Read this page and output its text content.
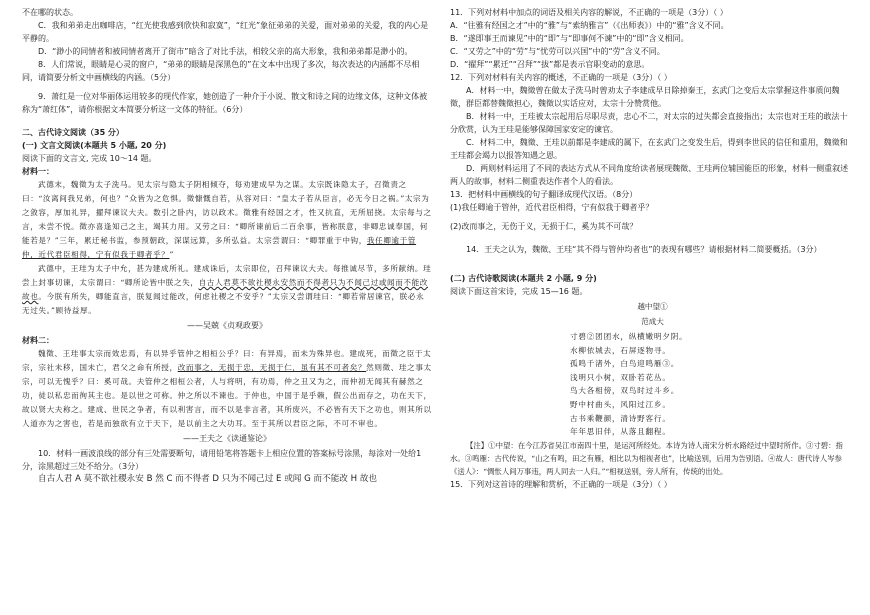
不在哪的状态。

C．我和弟弟走出咖啡店，“红光使我感到欣快和寂寞”，“红光”象征弟弟的关爱，面对弟弟的关爱，我的内心是平静的。

D．“渺小的同情者和被同情者离开了街市”暗含了对比手法，相较父亲的高大形象，我和弟弟都是渺小的。

8．人们常说，眼睛是心灵的窗户，“弟弟的眼睛是深黑色的”在文本中出现了多次，每次表达的内涵都不尽相同，请简要分析文中画横线的内涵。（5分）

9．萧红是一位对华丽体运用较多的现代作家，她创造了一种介于小说、散文和诗之间的边缘文体，这种文体被称为“萧红体”，请你根据文本简要分析这一文体的特征。（6分）

二、古代诗文阅读（35 分）

(一) 文言文阅读(本题共 5 小题, 20 分)

阅读下面的文言文, 完成 10～14 题。

材料一：

武德末，魏徵为太子洗马。见太宗与隐太子阴相倾夺，每劝建成早为之谋。太宗既诛隐太子，召徵责之曰：“汝离间我兄弟，何也？”众皆为之危惧。徵慷慨自若，从容对曰：“皇太子若从臣言，必无今日之祸。”太宗为之敛容，厚加礼异，擢拜谏议大夫。数引之卧内，访以政术。徵雅有经国之才，性又抗直，无所屈挠。太宗每与之言，未尝不悦。徵亦喜逢知己之主，竭其力用。又劳之曰：“卿所谏前后二百余事，皆称朕意，非卿忠诚奉国，何能若是？”三年，累迁秘书监，参预朝政，深谋远算，多所弘益。太宗尝谓曰：“卿罪重于中钩，我任卿逾于管仲，近代君臣相得，宁有似我于卿者乎？”

武德中，王珪为太子中允，甚为建成所礼。建成诛后，太宗即位，召拜谏议大夫。每推诚尽节，多所献纳。珪尝上封事切谏，太宗谓曰：“卿所论皆中朕之失，自古人君莫不欲社稷永安然而不得者只为不闻己过或闻而不能改故也。今朕有所失，卿能直言，朕复闻过能改，何虑社稷之不安乎？”太宗又尝谓珪曰：“卿若常居谏官，朕必永无过失。”顾待益厚。

——吴兢《贞观政要》

材料二：

魏徵、王珪事太宗而效忠焉，有以异乎管仲之相桓公乎？曰：有异焉，而未为殊异也。建成死，而徵之臣于太宗，宗社未移，国未亡，君父之命有所授，改而事之，无损于忠，无损于仁，虽有其不可者矣？然则徵、珪之事太宗，可以无愧乎？曰：奚可哉。夫管仲之相桓公者，人与将明，有功焉，仲之丑又为之，而仲初无闻其有赫然之功，徒以私忠而徇其主也。是以世之可称。仲之所以不谏也。于仲也，中国于是乎赖，假公出而存之，功在天下，故以贤大夫称之。建成、世民之争者，有以利害言，而不以是非言者，其所废兴，不必皆有天下之功也，则其所以人道亦为之害也，若是而独欲有立于天下，是以前主之大功耳。至于其所以君臣之际，不可不审也。

——王夫之《读通鉴论》

10．材料一画波浪线的部分有三处需要断句，请用铅笔将答题卡上相应位置的答案标号涂黑，每涂对一处给1分，涂黑超过三处不给分。（3分）

自古人君 A 莫不欲社稷永安 B 然 C 而不得者 D 只为不闻己过 E 或闻 G 而不能改 H 故也

11．下列对材料中加点的词语及相关内容的解说，不正确的一项是（3分）（ ）

A．“往雅有经国之才”中的“雅”与“索纳雅言”（《出师表》）中的“雅”含义不同。

B．“遂即事王而谏见”中的“即”与“即事何不谏”中的“即”含义相同。

C．“又劳之”中的“劳”与“忧劳可以兴国”中的“劳”含义不同。

D．“擢拜”“累迁”“召拜”“拔”都是表示官职变动的意思。

12．下列对材料有关内容的概述，不正确的一项是（3分）（ ）

A．材料一中，魏徵曾在做太子洗马时曾劝太子李建成早日除掉秦王，玄武门之变后太宗掌握这件事质问魏徵，群臣都替魏徵担心，魏徵以实话应对，太宗十分赞赏他。

B．材料一中，王珪被太宗起用后尽职尽责，忠心不二，对太宗的过失都会直接指出；太宗也对王珪的敢法十分欣赏，认为王珪是能够保障国家安定的谏官。

C．材料二中，魏徵、王珪以前都是李建成的属下，在玄武门之变发生后，得到李世民的信任和重用，魏徵和王珪都会竭力以报答知遇之恩。

D．两则材料运用了不同的表达方式从不同角度给读者展现魏徵、王珪两位辅国能臣的形象，材料一侧重叙述两人的故事，材料二侧重表达作者个人的看法。

13．把材料中画横线的句子翻译成现代汉语。（8分）

(1)我任卿逾于管仲，近代君臣相得，宁有似我于卿者乎？

(2)改而事之，无伤于义，无损于仁，奚为其不可哉？

14．王夫之认为，魏徵、王珪“其不得与管仲均者也”的表现有哪些？请根据材料二简要概括。（3分）

(二) 古代诗歌阅读(本题共 2 小题, 9 分)

阅读下面这首宋诗，完成 15—16 题。

越中望①

范成大

寸碧②团团水，纵横嫩明夕阴。

水柳依城去，石屏逐物寻。

孤鸣千渚外，白鸟迎鸣雁③。

浅明只小树，双卧若花丛。

鸟大各相傍，双鸟时过斗乡。

野中村曲头，风阳过江乡。

古书乘鞭颜，清诗野客行。

年年思旧伴，从落且翻程。

【注】①中望：在今江苏省吴江市南四十里，是运河所经处。本诗为诗人南宋分析水路经过中望时所作。③寸碧：指水。③鸣雁：古代传说，“山之有鸣，田之有雁，相比以为相视者也”，比喻送别，后用为告别语。④故人：唐代诗人岑参《送人》：“惆怅人间万事违，两人同去一人归。”“相视送别，旁人所有，传统的出处。

15．下列对这首诗的理解和赏析，不正确的一项是（3分）（ ）
